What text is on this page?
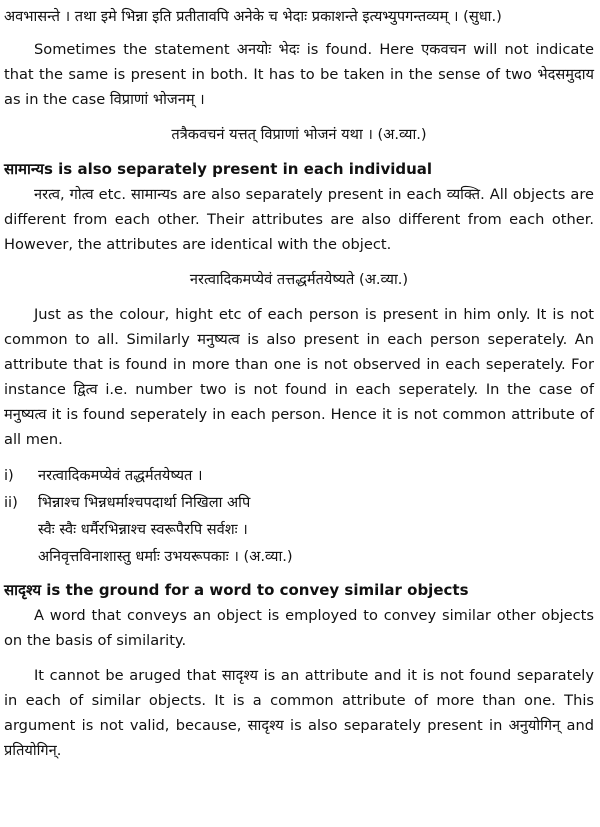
अवभासन्ते । तथा इमे भिन्ना इति प्रतीतावपि अनेके च भेदाः प्रकाशन्ते इत्यभ्युपगन्तव्यम् । (सुधा.)

Sometimes the statement अनयोः भेदः is found. Here एकवचन will not indicate that the same is present in both. It has to be taken in the sense of two भेदसमुदाय as in the case विप्राणां भोजनम् ।

तत्रैकवचनं यत्तत् विप्राणां भोजनं यथा । (अ.व्या.)

सामान्यs is also separately present in each individual

नरत्व, गोत्व etc. सामान्यs are also separately present in each व्यक्ति. All objects are different from each other. Their attributes are also different from each other. However, the attributes are identical with the object.

नरत्वादिकमप्येवं तत्तद्धर्मतयेष्यते (अ.व्या.)

Just as the colour, hight etc of each person is present in him only. It is not common to all. Similarly मनुष्यत्व is also present in each person seperately. An attribute that is found in more than one is not observed in each seperately. For instance द्वित्व i.e. number two is not found in each seperately. In the case of मनुष्यत्व it is found seperately in each person. Hence it is not common attribute of all men.

i)	नरत्वादिकमप्येवं तद्धर्मतयेष्यत ।
ii)	भिन्नाश्च भिन्नधर्माश्चपदार्था निखिला अपि
स्वैः स्वैः धर्मैरभिन्नाश्च स्वरूपैरपि सर्वशः ।
अनिवृत्तविनाशास्तु धर्माः उभयरूपकाः । (अ.व्या.)

सादृश्य is the ground for a word to convey similar objects

A word that conveys an object is employed to convey similar other objects on the basis of similarity.

It cannot be aruged that सादृश्य is an attribute and it is not found separately in each of similar objects. It is a common attribute of more than one. This argument is not valid, because, सादृश्य is also separately present in अनुयोगिन् and प्रतियोगिन्.
